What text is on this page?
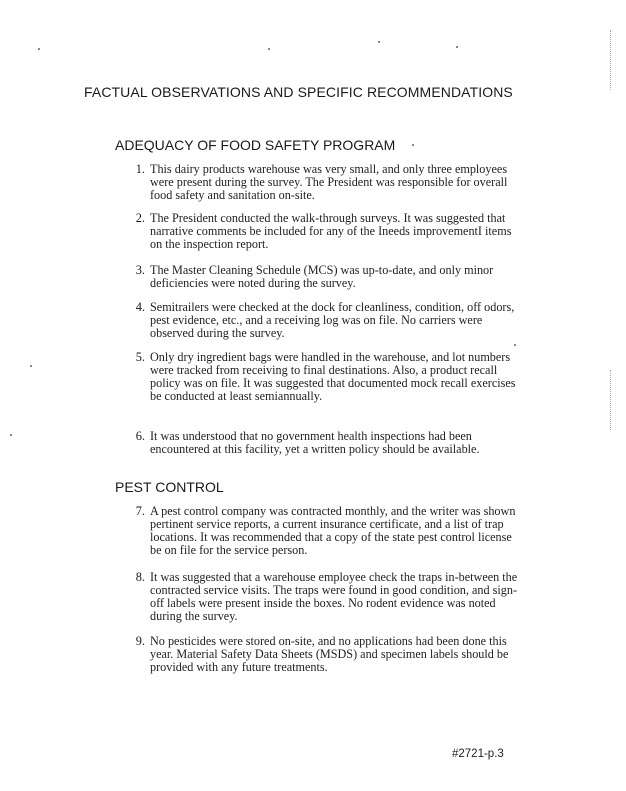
FACTUAL OBSERVATIONS AND SPECIFIC RECOMMENDATIONS
ADEQUACY OF FOOD SAFETY PROGRAM
1. This dairy products warehouse was very small, and only three employees were present during the survey. The President was responsible for overall food safety and sanitation on-site.
2. The President conducted the walk-through surveys. It was suggested that narrative comments be included for any of the Ineeds improvementI items on the inspection report.
3. The Master Cleaning Schedule (MCS) was up-to-date, and only minor deficiencies were noted during the survey.
4. Semitrailers were checked at the dock for cleanliness, condition, off odors, pest evidence, etc., and a receiving log was on file. No carriers were observed during the survey.
5. Only dry ingredient bags were handled in the warehouse, and lot numbers were tracked from receiving to final destinations. Also, a product recall policy was on file. It was suggested that documented mock recall exercises be conducted at least semiannually.
6. It was understood that no government health inspections had been encountered at this facility, yet a written policy should be available.
PEST CONTROL
7. A pest control company was contracted monthly, and the writer was shown pertinent service reports, a current insurance certificate, and a list of trap locations. It was recommended that a copy of the state pest control license be on file for the service person.
8. It was suggested that a warehouse employee check the traps in-between the contracted service visits. The traps were found in good condition, and sign-off labels were present inside the boxes. No rodent evidence was noted during the survey.
9. No pesticides were stored on-site, and no applications had been done this year. Material Safety Data Sheets (MSDS) and specimen labels should be provided with any future treatments.
#2721-p.3
